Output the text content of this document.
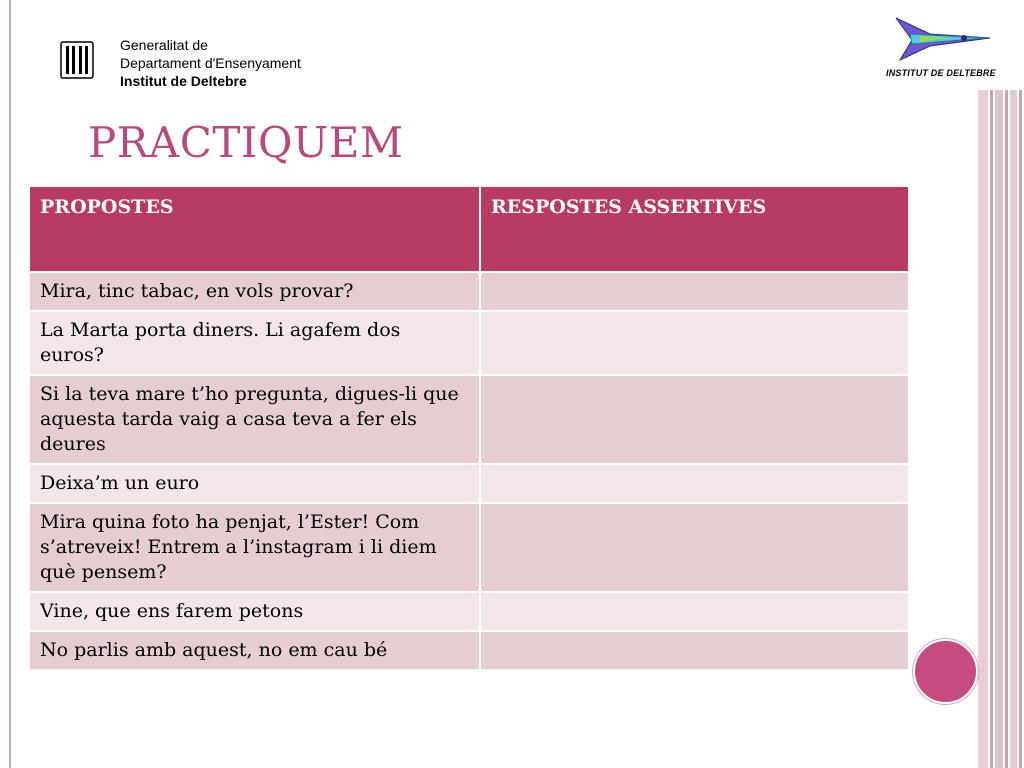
Generalitat de
Departament d'Ensenyament
Institut de Deltebre	INSTITUT DE DELTEBRE
PRACTIQUEM
PROPOSTES	RESPOSTES ASSERTIVES
Mira, tinc tabac, en vols provar?	
La Marta porta diners. Li agafem dos euros?	
Si la teva mare t’ho pregunta, digues-li que aquesta tarda vaig a casa teva a fer els deures	
Deixa’m un euro	
Mira quina foto ha penjat, l’Ester! Com s’atreveix! Entrem a l’instagram i li diem què pensem?	
Vine, que ens farem petons	
No parlis amb aquest, no em cau bé	
